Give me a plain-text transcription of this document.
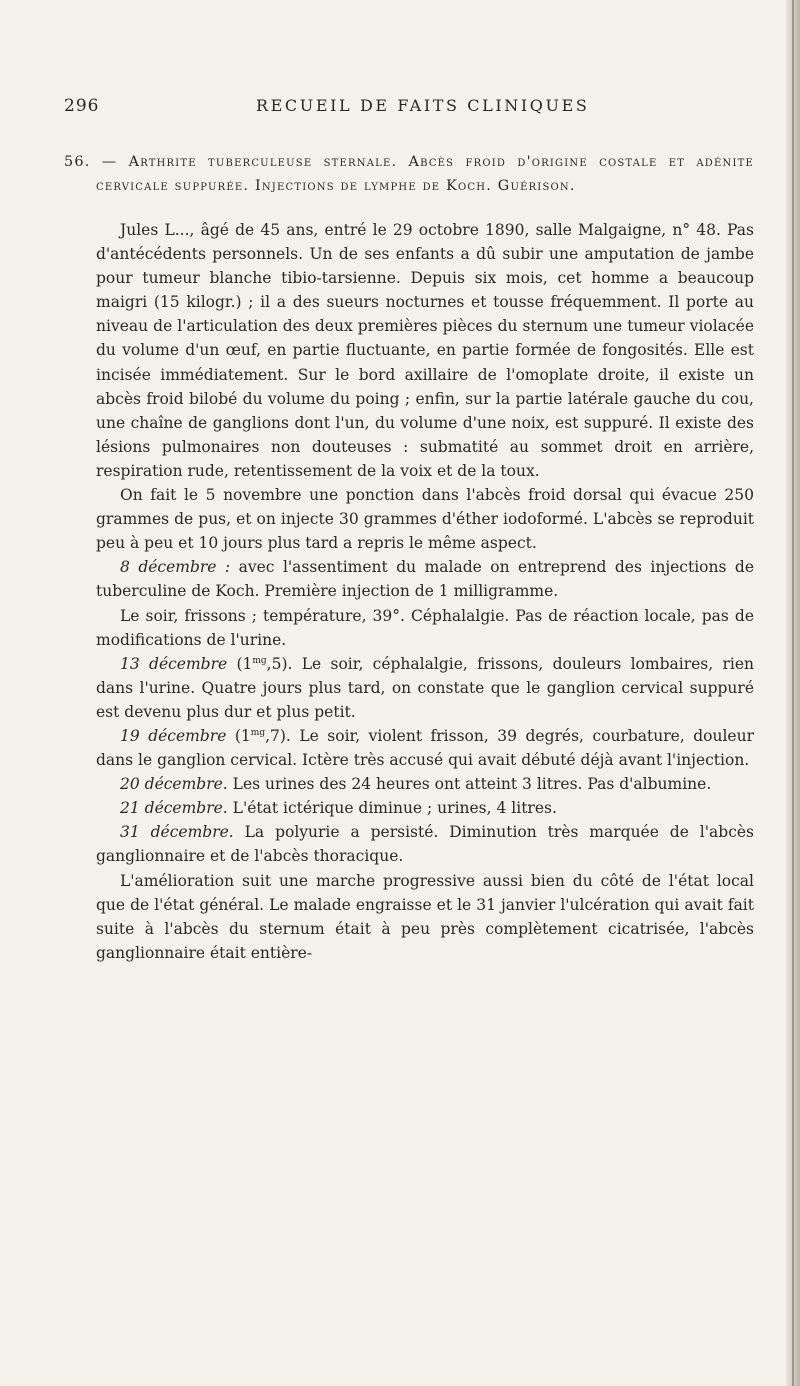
296	RECUEIL DE FAITS CLINIQUES

56. — Arthrite tuberculeuse sternale. Abcès froid d'origine costale et adénite cervicale suppurée. Injections de lymphe de Koch. Guérison.

Jules L..., âgé de 45 ans, entré le 29 octobre 1890, salle Malgaigne, n° 48. Pas d'antécédents personnels. Un de ses enfants a dû subir une amputation de jambe pour tumeur blanche tibio-tarsienne. Depuis six mois, cet homme a beaucoup maigri (15 kilogr.) ; il a des sueurs nocturnes et tousse fréquemment. Il porte au niveau de l'articulation des deux premières pièces du sternum une tumeur violacée du volume d'un œuf, en partie fluctuante, en partie formée de fongosités. Elle est incisée immédiatement. Sur le bord axillaire de l'omoplate droite, il existe un abcès froid bilobé du volume du poing ; enfin, sur la partie latérale gauche du cou, une chaîne de ganglions dont l'un, du volume d'une noix, est suppuré. Il existe des lésions pulmonaires non douteuses : submatité au sommet droit en arrière, respiration rude, retentissement de la voix et de la toux.

On fait le 5 novembre une ponction dans l'abcès froid dorsal qui évacue 250 grammes de pus, et on injecte 30 grammes d'éther iodoformé. L'abcès se reproduit peu à peu et 10 jours plus tard a repris le même aspect.

8 décembre : avec l'assentiment du malade on entreprend des injections de tuberculine de Koch. Première injection de 1 milligramme.

Le soir, frissons ; température, 39°. Céphalalgie. Pas de réaction locale, pas de modifications de l'urine.

13 décembre $(1^{mg},5)$. Le soir, céphalalgie, frissons, douleurs lombaires, rien dans l'urine. Quatre jours plus tard, on constate que le ganglion cervical suppuré est devenu plus dur et plus petit.

19 décembre $(1^{mg},7)$. Le soir, violent frisson, 39 degrés, courbature, douleur dans le ganglion cervical. Ictère très accusé qui avait débuté déjà avant l'injection.

20 décembre. Les urines des 24 heures ont atteint 3 litres. Pas d'albumine.

21 décembre. L'état ictérique diminue ; urines, 4 litres.

31 décembre. La polyurie a persisté. Diminution très marquée de l'abcès ganglionnaire et de l'abcès thoracique.

L'amélioration suit une marche progressive aussi bien du côté de l'état local que de l'état général. Le malade engraisse et le 31 janvier l'ulcération qui avait fait suite à l'abcès du sternum était à peu près complètement cicatrisée, l'abcès ganglionnaire était entière-
